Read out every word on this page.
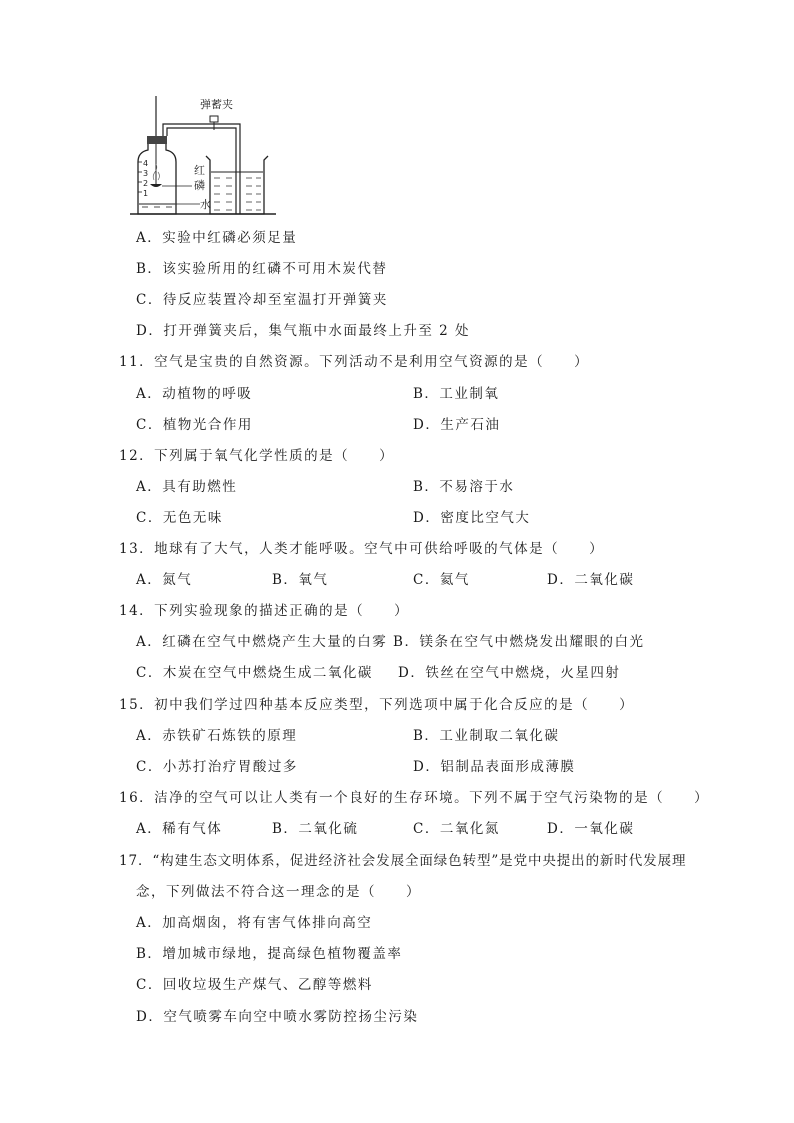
4
3
2
1
红
磷
水
弹蓄夹
A．实验中红磷必须足量
B．该实验所用的红磷不可用木炭代替
C．待反应装置冷却至室温打开弹簧夹
D．打开弹簧夹后，集气瓶中水面最终上升至 2 处
11．空气是宝贵的自然资源。下列活动不是利用空气资源的是（　　）
A．动植物的呼吸	B．工业制氧
C．植物光合作用	D．生产石油
12．下列属于氧气化学性质的是（　　）
A．具有助燃性	B．不易溶于水
C．无色无味	D．密度比空气大
13．地球有了大气，人类才能呼吸。空气中可供给呼吸的气体是（　　）
A．氮气	B．氧气	C．氦气	D．二氧化碳
14．下列实验现象的描述正确的是（　　）
A．红磷在空气中燃烧产生大量的白雾 B．镁条在空气中燃烧发出耀眼的白光
C．木炭在空气中燃烧生成二氧化碳 D．铁丝在空气中燃烧，火星四射
15．初中我们学过四种基本反应类型，下列选项中属于化合反应的是（　　）
A．赤铁矿石炼铁的原理	B．工业制取二氧化碳
C．小苏打治疗胃酸过多	D．铝制品表面形成薄膜
16．洁净的空气可以让人类有一个良好的生存环境。下列不属于空气污染物的是（　　）
A．稀有气体	B．二氧化硫	C．二氧化氮	D．一氧化碳
17．“构建生态文明体系，促进经济社会发展全面绿色转型”是党中央提出的新时代发展理
念，下列做法不符合这一理念的是（　　）
A．加高烟囱，将有害气体排向高空
B．增加城市绿地，提高绿色植物覆盖率
C．回收垃圾生产煤气、乙醇等燃料
D．空气喷雾车向空中喷水雾防控扬尘污染
